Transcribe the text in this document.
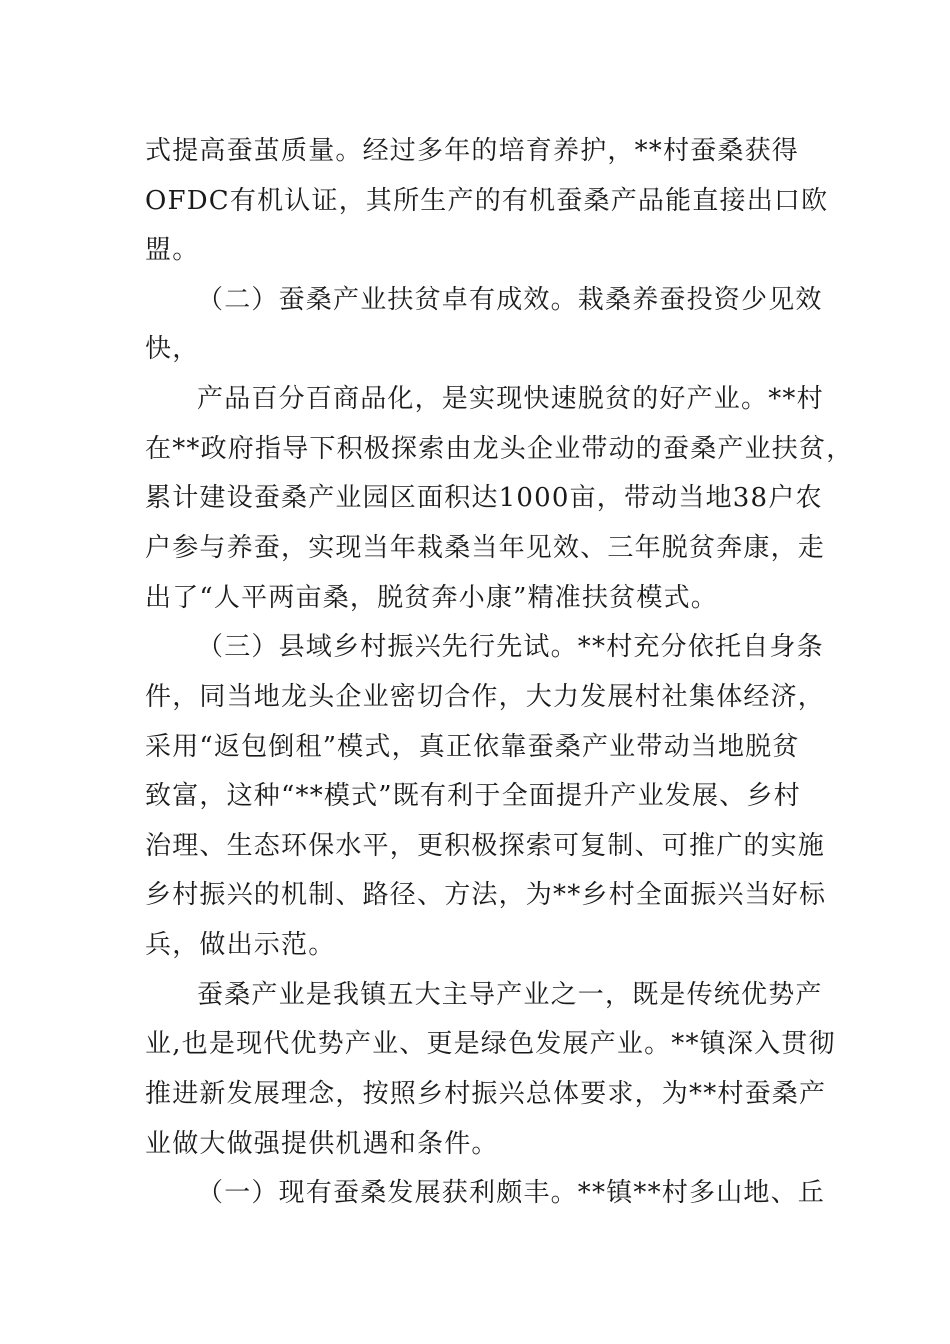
式提高蚕茧质量。经过多年的培育养护，**村蚕桑获得

OFDC有机认证，其所生产的有机蚕桑产品能直接出口欧

盟。

（二）蚕桑产业扶贫卓有成效。栽桑养蚕投资少见效

快，

产品百分百商品化，是实现快速脱贫的好产业。**村

在**政府指导下积极探索由龙头企业带动的蚕桑产业扶贫，

累计建设蚕桑产业园区面积达1000亩，带动当地38户农

户参与养蚕，实现当年栽桑当年见效、三年脱贫奔康，走

出了“人平两亩桑，脱贫奔小康”精准扶贫模式。

（三）县域乡村振兴先行先试。**村充分依托自身条

件，同当地龙头企业密切合作，大力发展村社集体经济，

采用“返包倒租”模式，真正依靠蚕桑产业带动当地脱贫

致富，这种“**模式”既有利于全面提升产业发展、乡村

治理、生态环保水平，更积极探索可复制、可推广的实施

乡村振兴的机制、路径、方法，为**乡村全面振兴当好标

兵，做出示范。

蚕桑产业是我镇五大主导产业之一，既是传统优势产

业,也是现代优势产业、更是绿色发展产业。**镇深入贯彻

推进新发展理念，按照乡村振兴总体要求，为**村蚕桑产

业做大做强提供机遇和条件。

（一）现有蚕桑发展获利颇丰。**镇**村多山地、丘
